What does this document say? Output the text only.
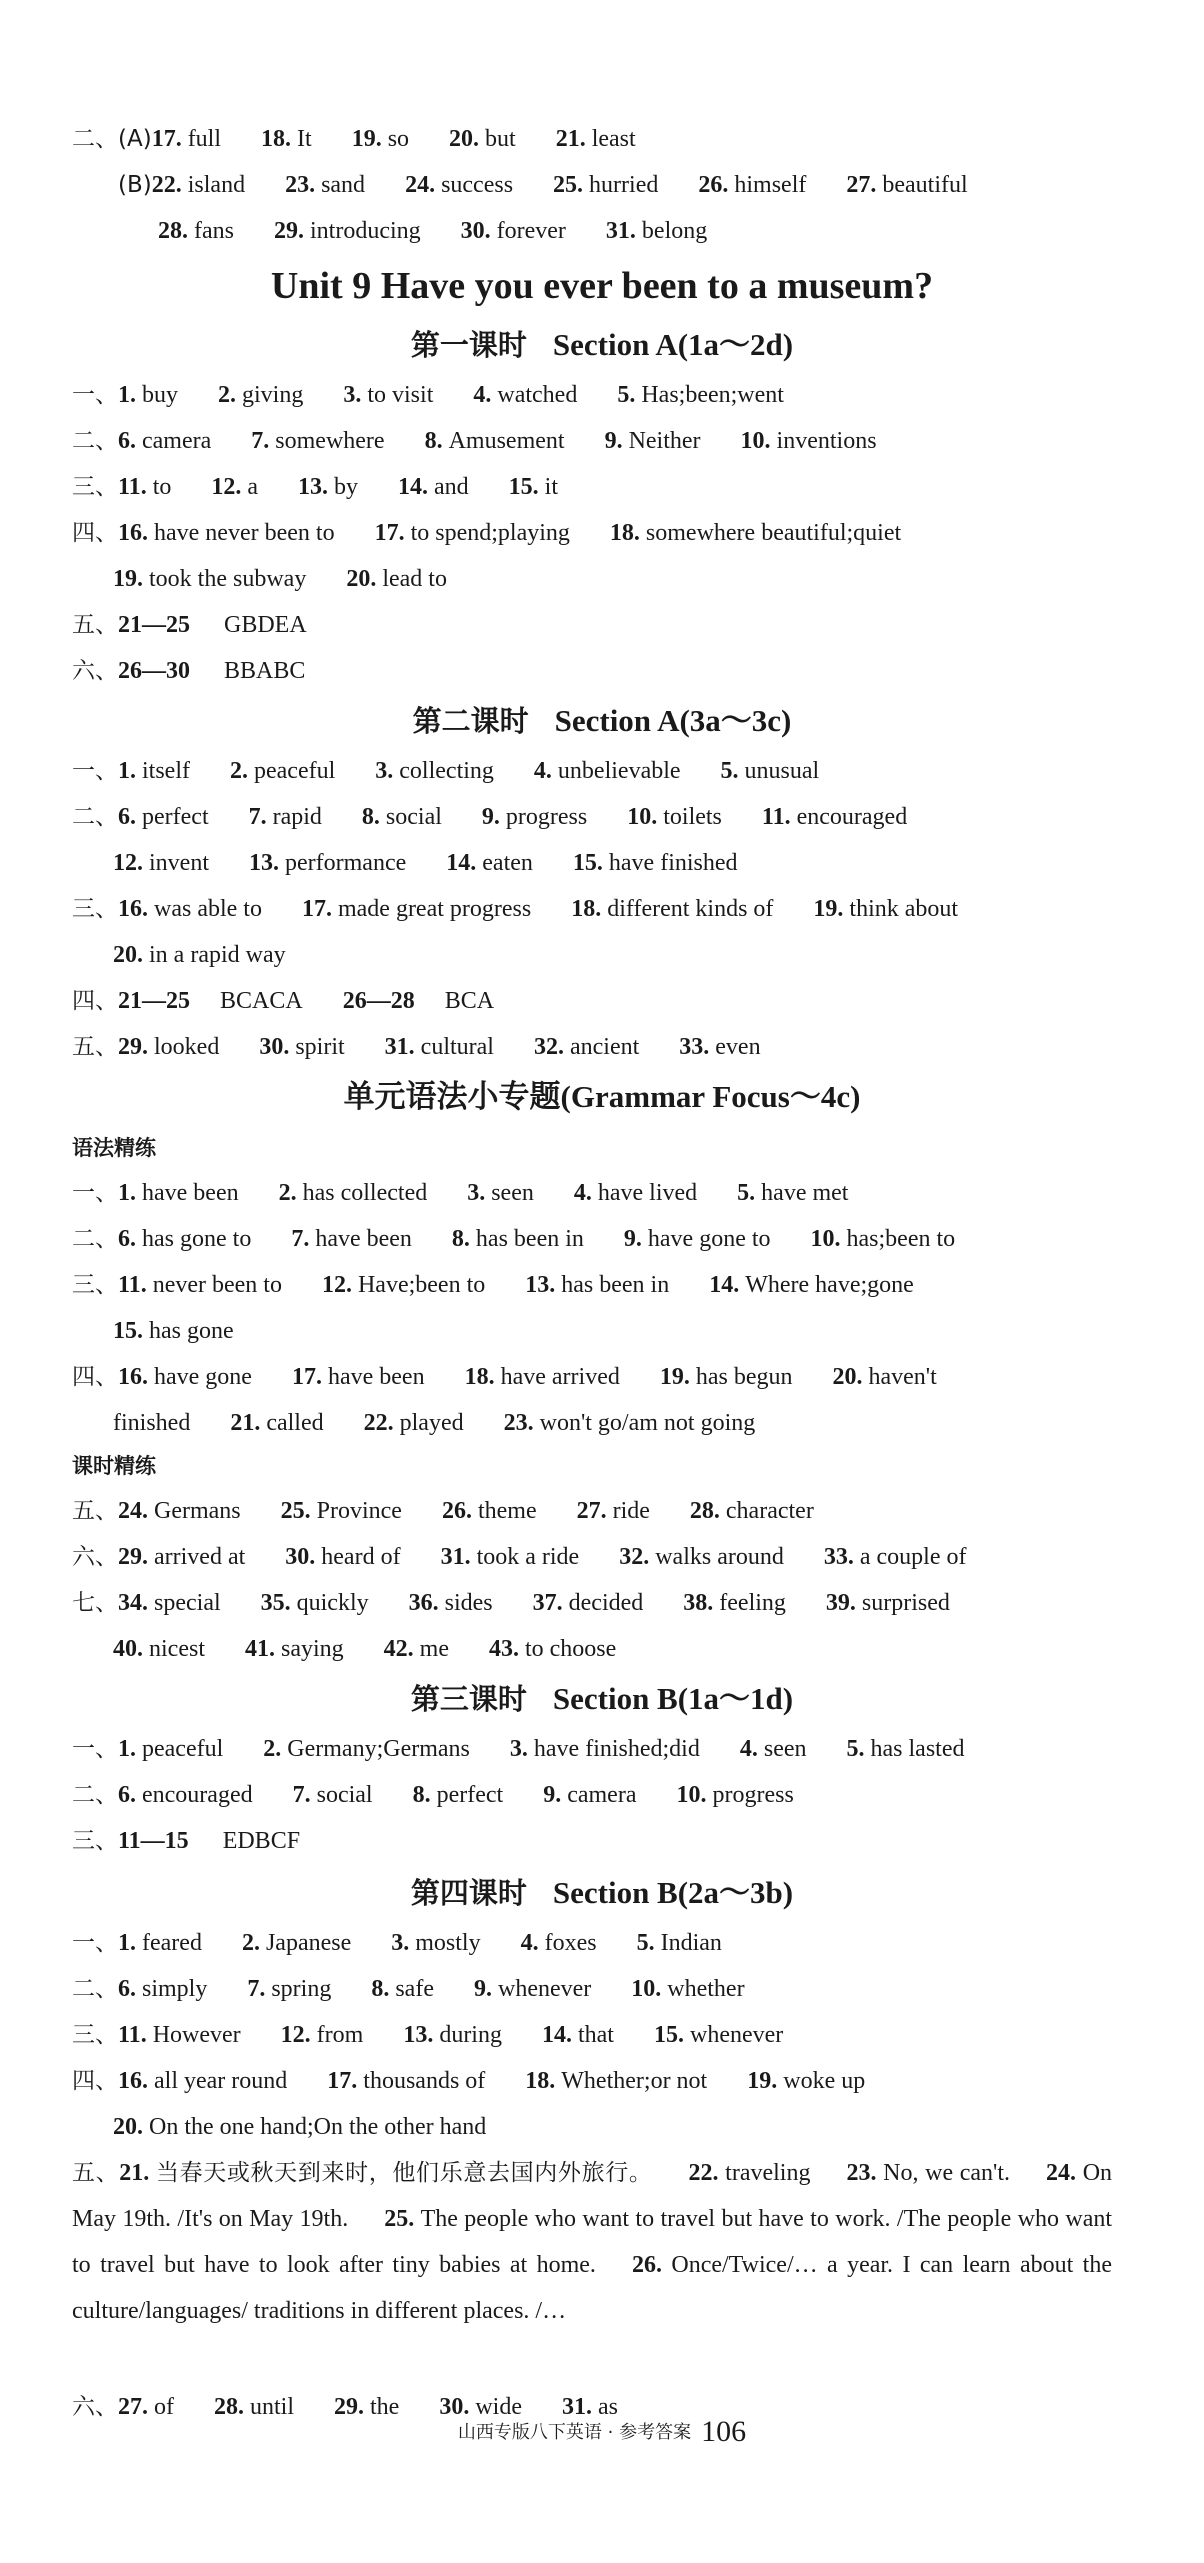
二、(A)17 . full 18 . It 19 . so 20 . but 21 . least
(B)22 . island 23 . sand 24 . success 25 . hurried 26 . himself 27 . beautiful
28 . fans 29 . introducing 30 . forever 31 . belong
Unit 9 Have you ever been to a museum?
第一课时 Section A(1a～2d)
一、1 . buy 2 . giving 3 . to visit 4 . watched 5 . Has;been;went
二、6 . camera 7 . somewhere 8 . Amusement 9 . Neither 10 . inventions
三、11 . to 12 . a 13 . by 14 . and 15 . it
四、16 . have never been to 17 . to spend;playing 18 . somewhere beautiful;quiet
19 . took the subway 20 . lead to
五、21—25 GBDEA
六、26—30 BBABC
第二课时 Section A(3a～3c)
一、1 . itself 2 . peaceful 3 . collecting 4 . unbelievable 5 . unusual
二、6 . perfect 7 . rapid 8 . social 9 . progress 10 . toilets 11 . encouraged
12 . invent 13 . performance 14 . eaten 15 . have finished
三、16 . was able to 17 . made great progress 18 . different kinds of 19 . think about
20 . in a rapid way
四、21—25 BCACA 26—28 BCA
五、29 . looked 30 . spirit 31 . cultural 32 . ancient 33 . even
单元语法小专题(Grammar Focus～4c)
语法精练
一、1 . have been 2 . has collected 3 . seen 4 . have lived 5 . have met
二、6 . has gone to 7 . have been 8 . has been in 9 . have gone to 10 . has;been to
三、11 . never been to 12 . Have;been to 13 . has been in 14 . Where have;gone
15 . has gone
四、16 . have gone 17 . have been 18 . have arrived 19 . has begun 20 . haven't
finished 21 . called 22 . played 23 . won't go/am not going
课时精练
五、24 . Germans 25 . Province 26 . theme 27 . ride 28 . character
六、29 . arrived at 30 . heard of 31 . took a ride 32 . walks around 33 . a couple of
七、34 . special 35 . quickly 36 . sides 37 . decided 38 . feeling 39 . surprised
40 . nicest 41 . saying 42 . me 43 . to choose
第三课时 Section B(1a～1d)
一、1 . peaceful 2 . Germany;Germans 3 . have finished;did 4 . seen 5 . has lasted
二、6 . encouraged 7 . social 8 . perfect 9 . camera 10 . progress
三、11—15 EDBCF
第四课时 Section B(2a～3b)
一、1 . feared 2 . Japanese 3 . mostly 4 . foxes 5 . Indian
二、6 . simply 7 . spring 8 . safe 9 . whenever 10 . whether
三、11 . However 12 . from 13 . during 14 . that 15 . whenever
四、16 . all year round 17 . thousands of 18 . Whether;or not 19 . woke up
20 . On the one hand;On the other hand
五、21. 当春天或秋天到来时，他们乐意去国内外旅行。 22. traveling 23. No, we can't. 24. On May 19th. /It's on May 19th. 25. The people who want to travel but have to work. /The people who want to travel but have to look after tiny babies at home. 26. Once/Twice/… a year. I can learn about the culture/languages/ traditions in different places. /…
六、27 . of 28 . until 29 . the 30 . wide 31 . as
山西专版八下英语 · 参考答案 106
